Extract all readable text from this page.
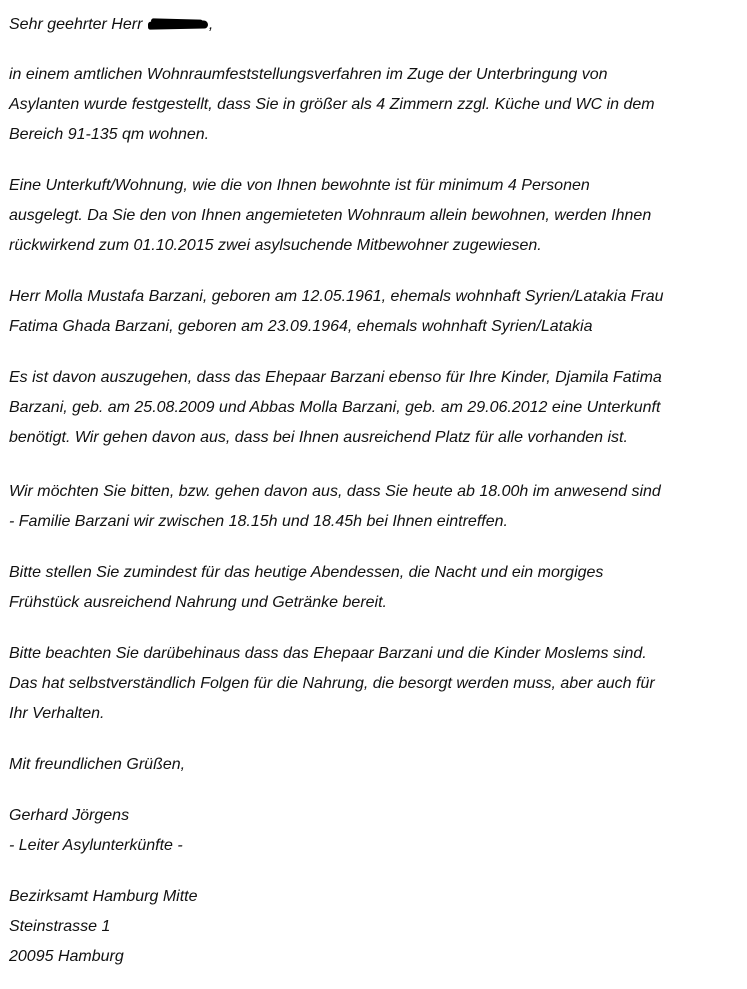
Sehr geehrter Herr	,

in einem amtlichen Wohnraumfeststellungsverfahren im Zuge der Unterbringung von

Asylanten wurde festgestellt, dass Sie in größer als 4 Zimmern zzgl. Küche und WC in dem

Bereich 91-135 qm wohnen.

Eine Unterkuft/Wohnung, wie die von Ihnen bewohnte ist für minimum 4 Personen

ausgelegt. Da Sie den von Ihnen angemieteten Wohnraum allein bewohnen, werden Ihnen

rückwirkend zum 01.10.2015 zwei asylsuchende Mitbewohner zugewiesen.

Herr Molla Mustafa Barzani, geboren am 12.05.1961, ehemals wohnhaft Syrien/Latakia Frau

Fatima Ghada Barzani, geboren am 23.09.1964, ehemals wohnhaft Syrien/Latakia

Es ist davon auszugehen, dass das Ehepaar Barzani ebenso für Ihre Kinder, Djamila Fatima

Barzani, geb. am 25.08.2009 und Abbas Molla Barzani, geb. am 29.06.2012 eine Unterkunft

benötigt. Wir gehen davon aus, dass bei Ihnen ausreichend Platz für alle vorhanden ist.

Wir möchten Sie bitten, bzw. gehen davon aus, dass Sie heute ab 18.00h im anwesend sind

- Familie Barzani wir zwischen 18.15h und 18.45h bei Ihnen eintreffen.

Bitte stellen Sie zumindest für das heutige Abendessen, die Nacht und ein morgiges

Frühstück ausreichend Nahrung und Getränke bereit.

Bitte beachten Sie darübehinaus dass das Ehepaar Barzani und die Kinder Moslems sind.

Das hat selbstverständlich Folgen für die Nahrung, die besorgt werden muss, aber auch für

Ihr Verhalten.

Mit freundlichen Grüßen,

Gerhard Jörgens

- Leiter Asylunterkünfte -

Bezirksamt Hamburg Mitte

Steinstrasse 1

20095 Hamburg
